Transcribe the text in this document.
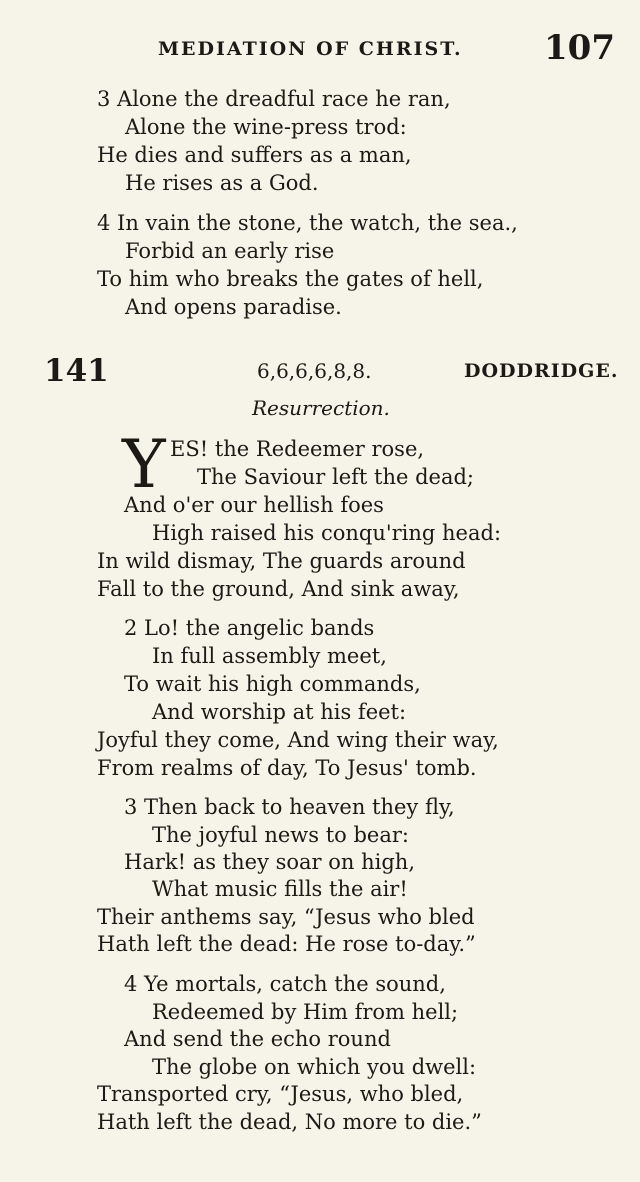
MEDIATION OF CHRIST. 107
3 Alone the dreadful race he ran,
Alone the wine-press trod:
He dies and suffers as a man,
He rises as a God.
4 In vain the stone, the watch, the sea.,
Forbid an early rise
To him who breaks the gates of hell,
And opens paradise.
141	6,6,6,6,8,8.	DODDRIDGE.
Resurrection.
Y ES! the Redeemer rose,
The Saviour left the dead;
And o'er our hellish foes
High raised his conqu'ring head:
In wild dismay, The guards around
Fall to the ground, And sink away,
2 Lo! the angelic bands
In full assembly meet,
To wait his high commands,
And worship at his feet:
Joyful they come, And wing their way,
From realms of day, To Jesus' tomb.
3 Then back to heaven they fly,
The joyful news to bear:
Hark! as they soar on high,
What music fills the air!
Their anthems say, “Jesus who bled
Hath left the dead: He rose to-day.”
4 Ye mortals, catch the sound,
Redeemed by Him from hell;
And send the echo round
The globe on which you dwell:
Transported cry, “Jesus, who bled,
Hath left the dead, No more to die.”
